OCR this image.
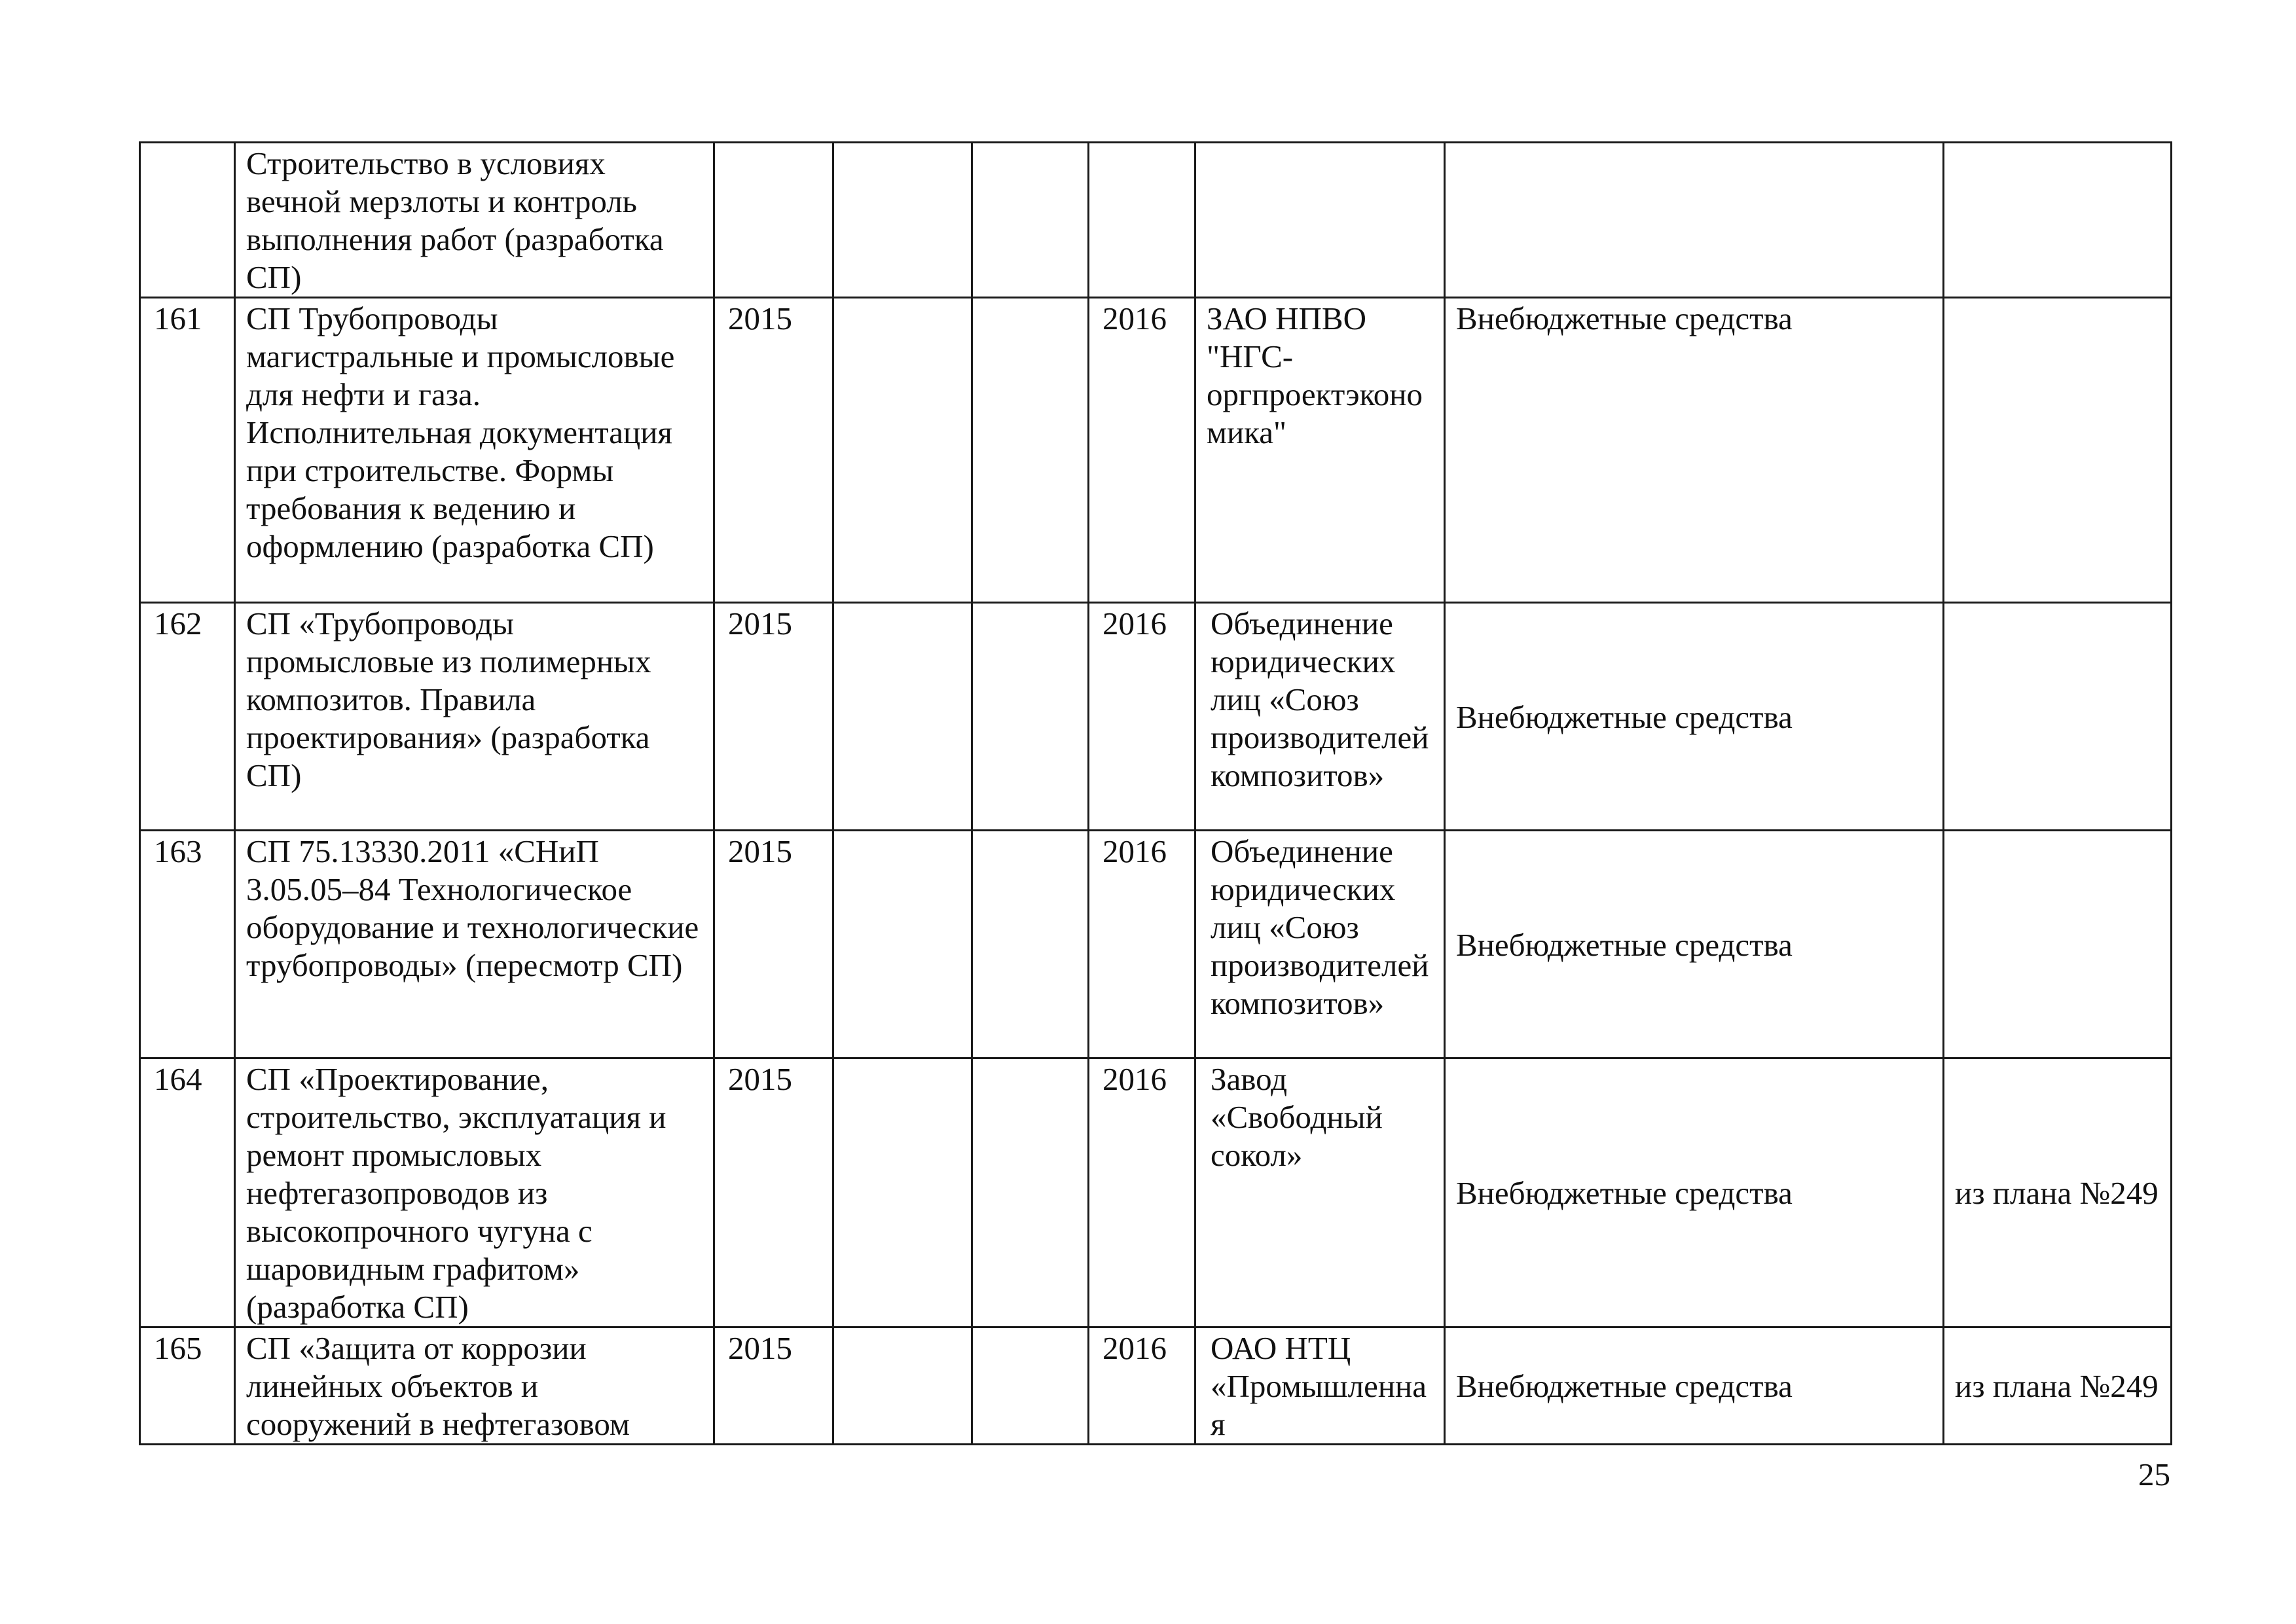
	Строительство в условиях вечной мерзлоты и контроль выполнения работ (разработка СП)							
161	СП Трубопроводы магистральные и промысловые для нефти и газа. Исполнительная документация при строительстве. Формы требования к ведению и оформлению (разработка СП)	2015			2016	ЗАО НПВО "НГС-оргпроектэкономика"	Внебюджетные средства	
162	СП «Трубопроводы промысловые из полимерных композитов. Правила проектирования» (разработка СП)	2015			2016	Объединение юридических лиц «Союз производителей композитов»	Внебюджетные средства	
163	СП 75.13330.2011 «СНиП 3.05.05–84 Технологическое оборудование и технологические трубопроводы» (пересмотр СП)	2015			2016	Объединение юридических лиц «Союз производителей композитов»	Внебюджетные средства	
164	СП «Проектирование, строительство, эксплуатация и ремонт промысловых нефтегазопроводов из высокопрочного чугуна с шаровидным графитом» (разработка СП)	2015			2016	Завод «Свободный сокол»	Внебюджетные средства	из плана №249
165	СП «Защита от коррозии линейных объектов и сооружений в нефтегазовом	2015			2016	ОАО НТЦ «Промышленная	Внебюджетные средства	из плана №249
25
